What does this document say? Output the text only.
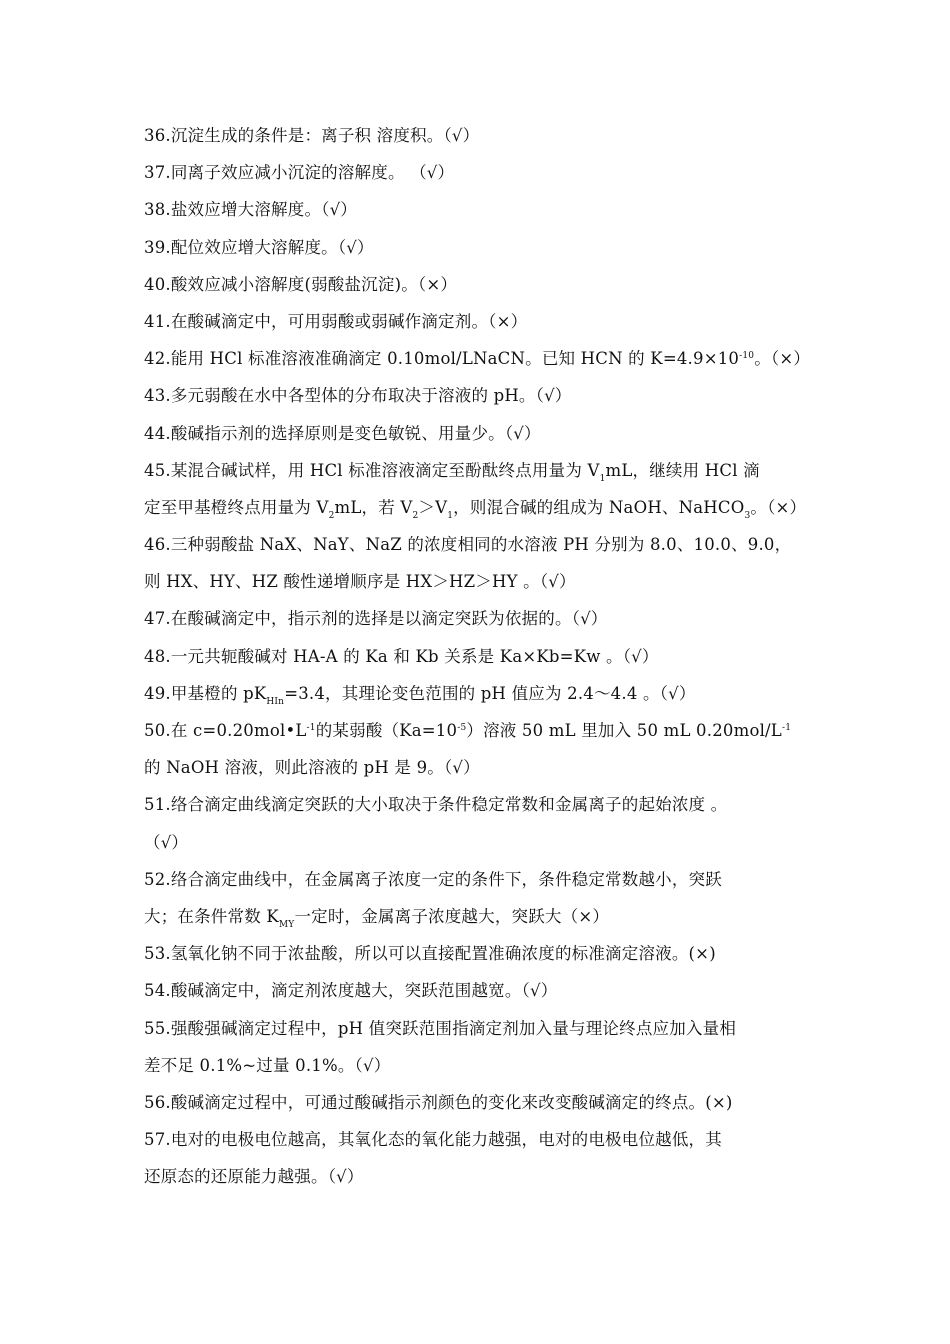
36.沉淀生成的条件是：离子积 溶度积。（√）
37.同离子效应减小沉淀的溶解度。 （√）
38.盐效应增大溶解度。（√）
39.配位效应增大溶解度。（√）
40.酸效应减小溶解度(弱酸盐沉淀)。（×）
41.在酸碱滴定中，可用弱酸或弱碱作滴定剂。（×）
42.能用 HCl 标准溶液准确滴定 0.10mol/LNaCN。已知 HCN 的 $K=4.9\times 10^{-10}$。（×）
43.多元弱酸在水中各型体的分布取决于溶液的 pH。（√）
44.酸碱指示剂的选择原则是变色敏锐、用量少。（√）
45.某混合碱试样，用 HCl 标准溶液滴定至酚酞终点用量为 $V_1mL$，继续用 HCl 滴
定至甲基橙终点用量为 $V_2mL$，若 $V_2>V_1$，则混合碱的组成为 NaOH、NaHCO$_3$。（×）
46.三种弱酸盐 NaX、NaY、NaZ 的浓度相同的水溶液 PH 分别为 8.0、10.0、9.0，
则 HX、HY、HZ 酸性递增顺序是 HX＞HZ＞HY 。（√）
47.在酸碱滴定中，指示剂的选择是以滴定突跃为依据的。（√）
48.一元共轭酸碱对 HA-A 的 Ka 和 Kb 关系是 Ka×Kb=Kw 。（√）
49.甲基橙的 $pK_{HIn}=3.4$，其理论变色范围的 pH 值应为 2.4～4.4 。（√）
50.在 $c=0.20mol•L^{-1}$的某弱酸$(Ka=10^{-5})$溶液 50 mL 里加入 50 mL $0.20mol/L^{-1}$
的 NaOH 溶液，则此溶液的 pH 是 9。（√）
51.络合滴定曲线滴定突跃的大小取决于条件稳定常数和金属离子的起始浓度 。
（√）
52.络合滴定曲线中，在金属离子浓度一定的条件下，条件稳定常数越小，突跃
大；在条件常数 $K_{MY}$一定时，金属离子浓度越大，突跃大（×）
53.氢氧化钠不同于浓盐酸，所以可以直接配置准确浓度的标准滴定溶液。(×)
54.酸碱滴定中，滴定剂浓度越大，突跃范围越宽。（√）
55.强酸强碱滴定过程中，pH 值突跃范围指滴定剂加入量与理论终点应加入量相
差不足 0.1%~过量 0.1%。（√）
56.酸碱滴定过程中，可通过酸碱指示剂颜色的变化来改变酸碱滴定的终点。(×)
57.电对的电极电位越高，其氧化态的氧化能力越强，电对的电极电位越低，其
还原态的还原能力越强。（√）
